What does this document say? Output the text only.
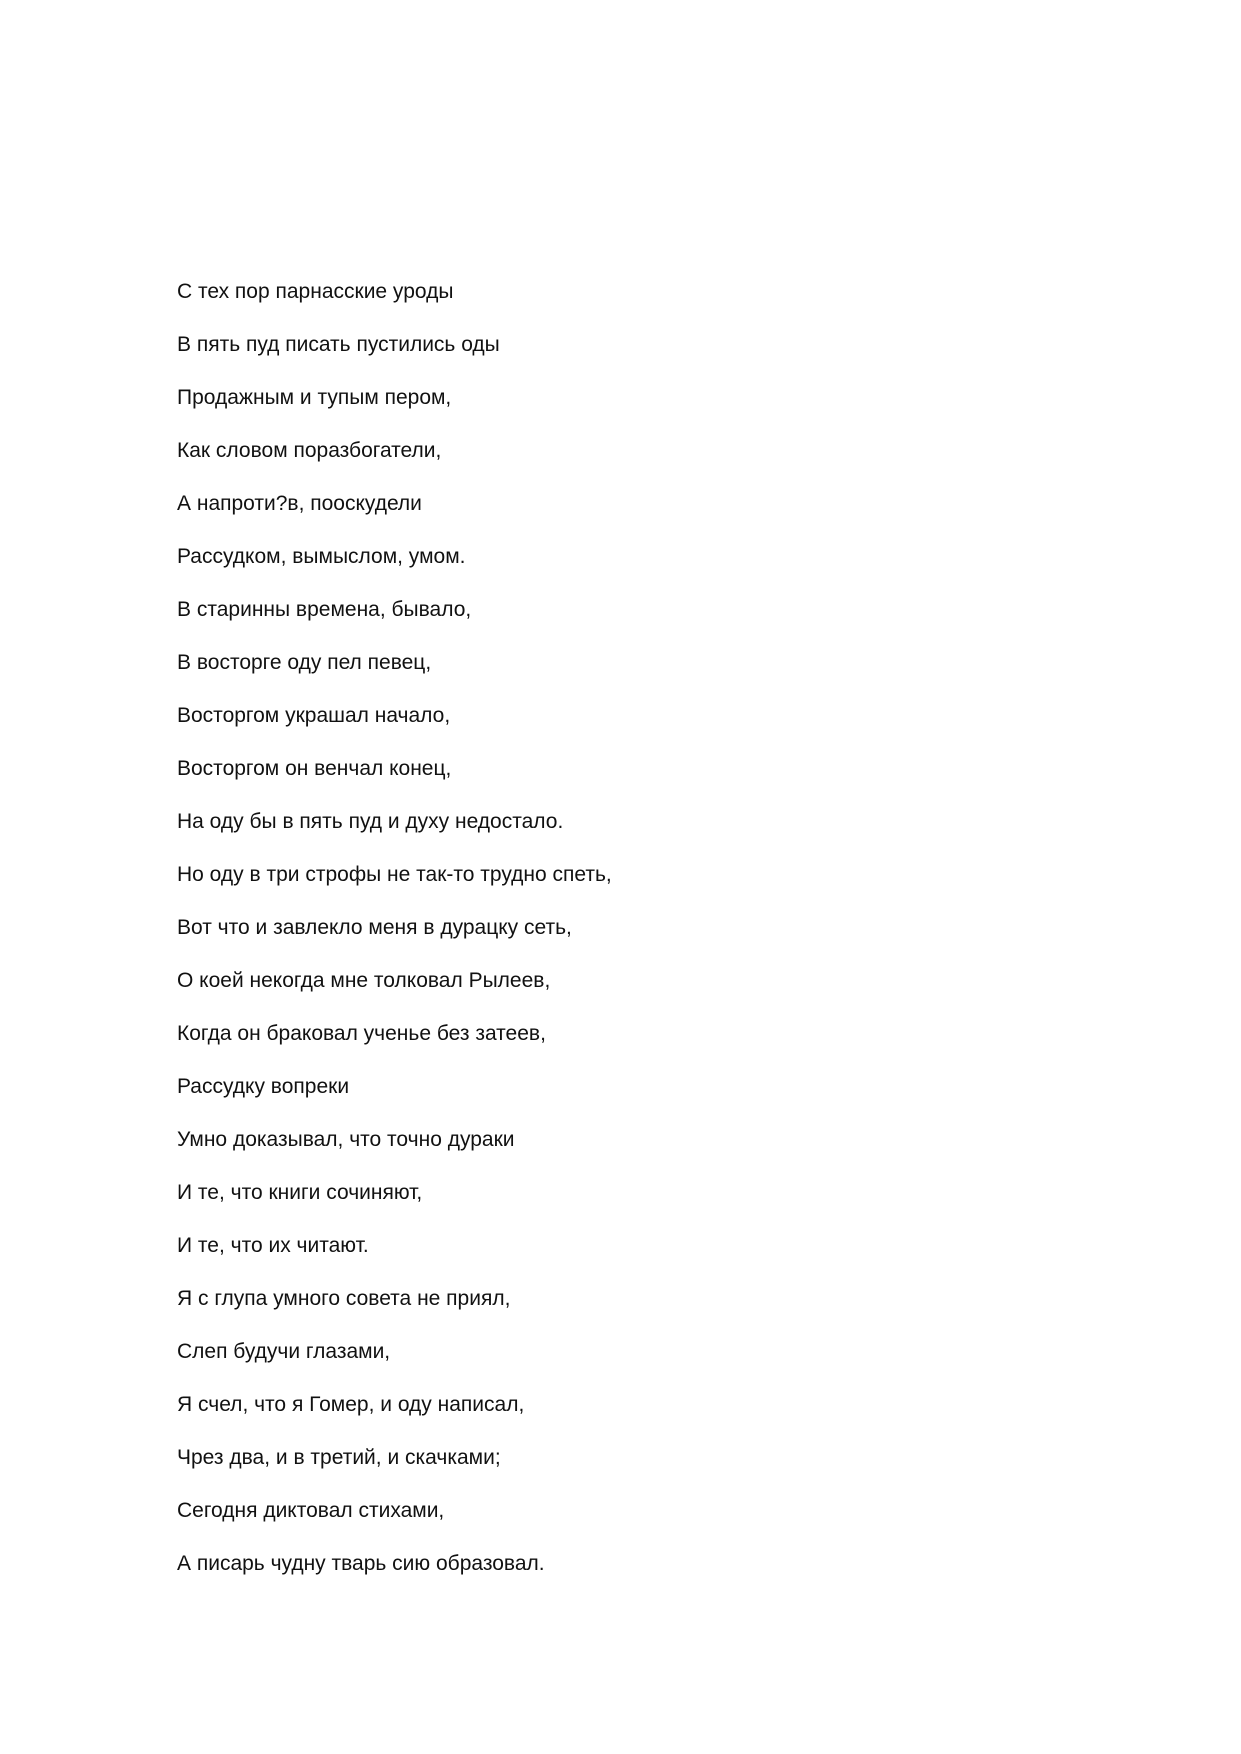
С тех пор парнасские уроды
В пять пуд писать пустились оды
Продажным и тупым пером,
Как словом поразбогатели,
А напроти?в, пооскудели
Рассудком, вымыслом, умом.
В старинны времена, бывало,
В восторге оду пел певец,
Восторгом украшал начало,
Восторгом он венчал конец,
На оду бы в пять пуд и духу недостало.
Но оду в три строфы не так-то трудно спеть,
Вот что и завлекло меня в дурацку сеть,
О коей некогда мне толковал Рылеев,
Когда он браковал ученье без затеев,
Рассудку вопреки
Умно доказывал, что точно дураки
И те, что книги сочиняют,
И те, что их читают.
Я с глупа умного совета не приял,
Слеп будучи глазами,
Я счел, что я Гомер, и оду написал,
Чрез два, и в третий, и скачками;
Сегодня диктовал стихами,
А писарь чудну тварь сию образовал.
